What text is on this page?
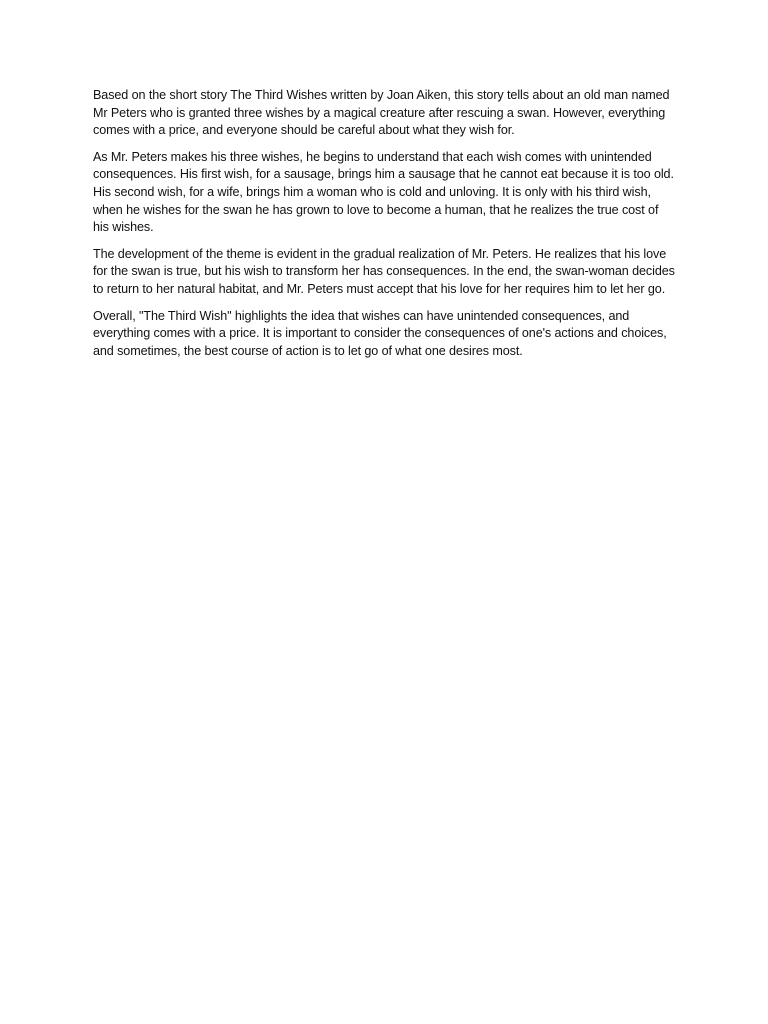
Based on the short story The Third Wishes written by Joan Aiken, this story tells about an old man named Mr Peters who is granted three wishes by a magical creature after rescuing a swan. However, everything comes with a price, and everyone should be careful about what they wish for.

As Mr. Peters makes his three wishes, he begins to understand that each wish comes with unintended consequences. His first wish, for a sausage, brings him a sausage that he cannot eat because it is too old. His second wish, for a wife, brings him a woman who is cold and unloving. It is only with his third wish, when he wishes for the swan he has grown to love to become a human, that he realizes the true cost of his wishes.

The development of the theme is evident in the gradual realization of Mr. Peters. He realizes that his love for the swan is true, but his wish to transform her has consequences. In the end, the swan-woman decides to return to her natural habitat, and Mr. Peters must accept that his love for her requires him to let her go.

Overall, "The Third Wish" highlights the idea that wishes can have unintended consequences, and everything comes with a price. It is important to consider the consequences of one's actions and choices, and sometimes, the best course of action is to let go of what one desires most.
